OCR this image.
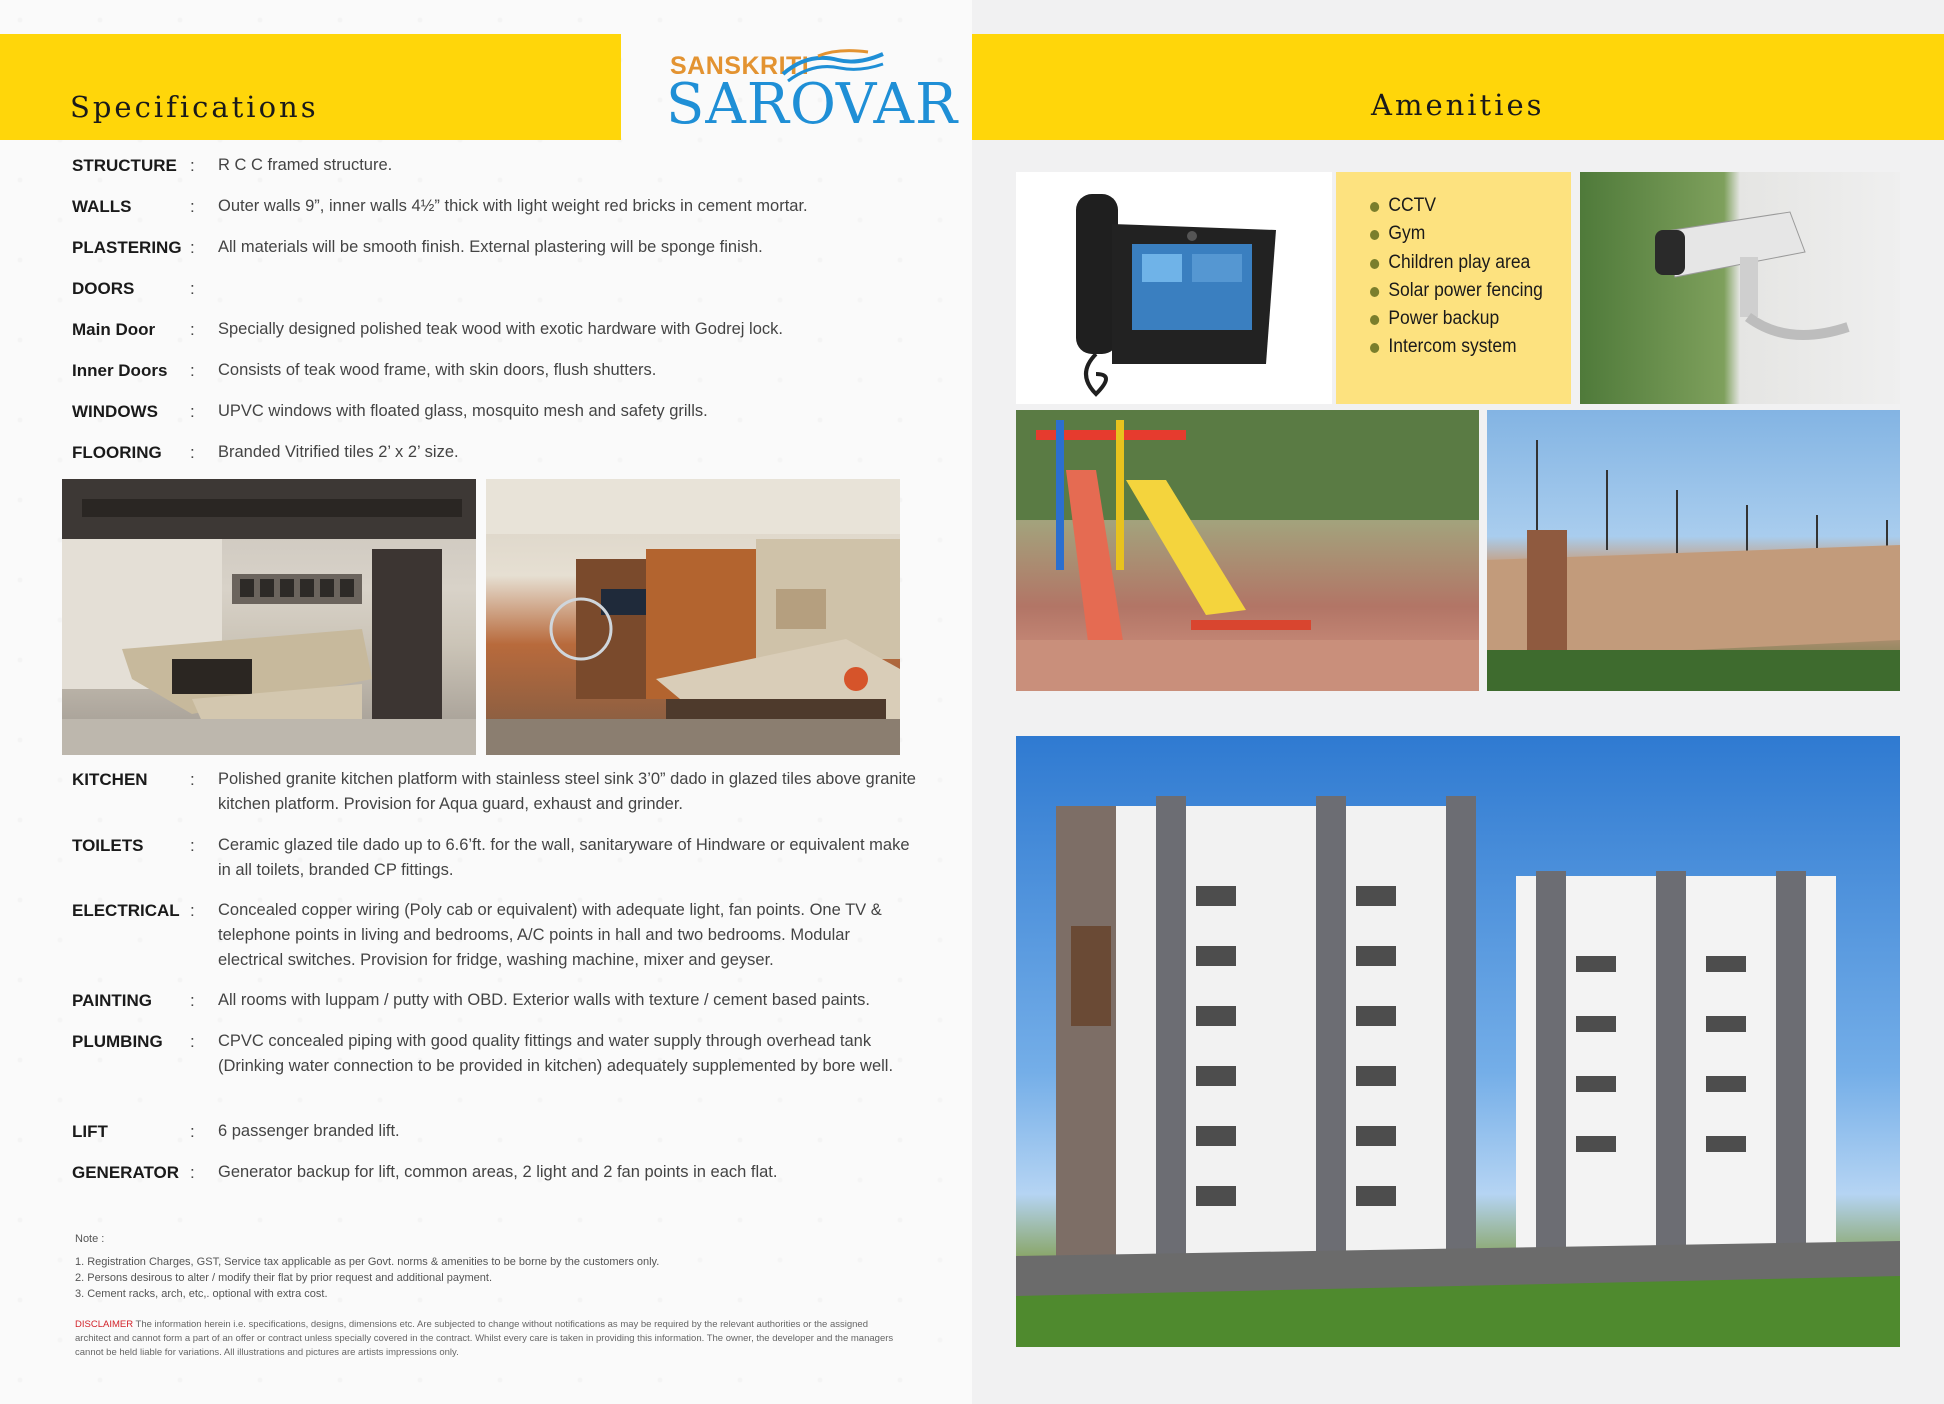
Specifications	Amenities
SANSKRITI
SAROVAR
STRUCTURE : R C C framed structure.
WALLS	: Outer walls 9”, inner walls 4½” thick with light weight red bricks in cement mortar.
PLASTERING : All materials will be smooth finish. External plastering will be sponge finish.
DOORS	:
Main Door : Specially designed polished teak wood with exotic hardware with Godrej lock.
Inner Doors : Consists of teak wood frame, with skin doors, flush shutters.
WINDOWS : UPVC windows with floated glass, mosquito mesh and safety grills.
FLOORING : Branded Vitrified tiles 2’ x 2’ size.
KITCHEN : Polished granite kitchen platform with stainless steel sink 3’0” dado in glazed tiles above granite kitchen platform. Provision for Aqua guard, exhaust and grinder.
TOILETS	: Ceramic glazed tile dado up to 6.6’ft. for the wall, sanitaryware of Hindware or equivalent make in all toilets, branded CP fittings.
ELECTRICAL : Concealed copper wiring (Poly cab or equivalent) with adequate light, fan points. One TV & telephone points in living and bedrooms, A/C points in hall and two bedrooms. Modular electrical switches. Provision for fridge, washing machine, mixer and geyser.
PAINTING : All rooms with luppam / putty with OBD. Exterior walls with texture / cement based paints.
PLUMBING : CPVC concealed piping with good quality fittings and water supply through overhead tank (Drinking water connection to be provided in kitchen) adequately supplemented by bore well.
LIFT	: 6 passenger branded lift.
GENERATOR : Generator backup for lift, common areas, 2 light and 2 fan points in each flat.
Note :
1. Registration Charges, GST, Service tax applicable as per Govt. norms & amenities to be borne by the customers only.
2. Persons desirous to alter / modify their flat by prior request and additional payment.
3. Cement racks, arch, etc,. optional with extra cost.
DISCLAIMER The information herein i.e. specifications, designs, dimensions etc. Are subjected to change without notifications as may be required by the relevant authorities or the assigned architect and cannot form a part of an offer or contract unless specially covered in the contract. Whilst every care is taken in providing this information. The owner, the developer and the managers cannot be held liable for variations. All illustrations and pictures are artists impressions only.
CCTV
Gym
Children play area
Solar power fencing
Power backup
Intercom system
